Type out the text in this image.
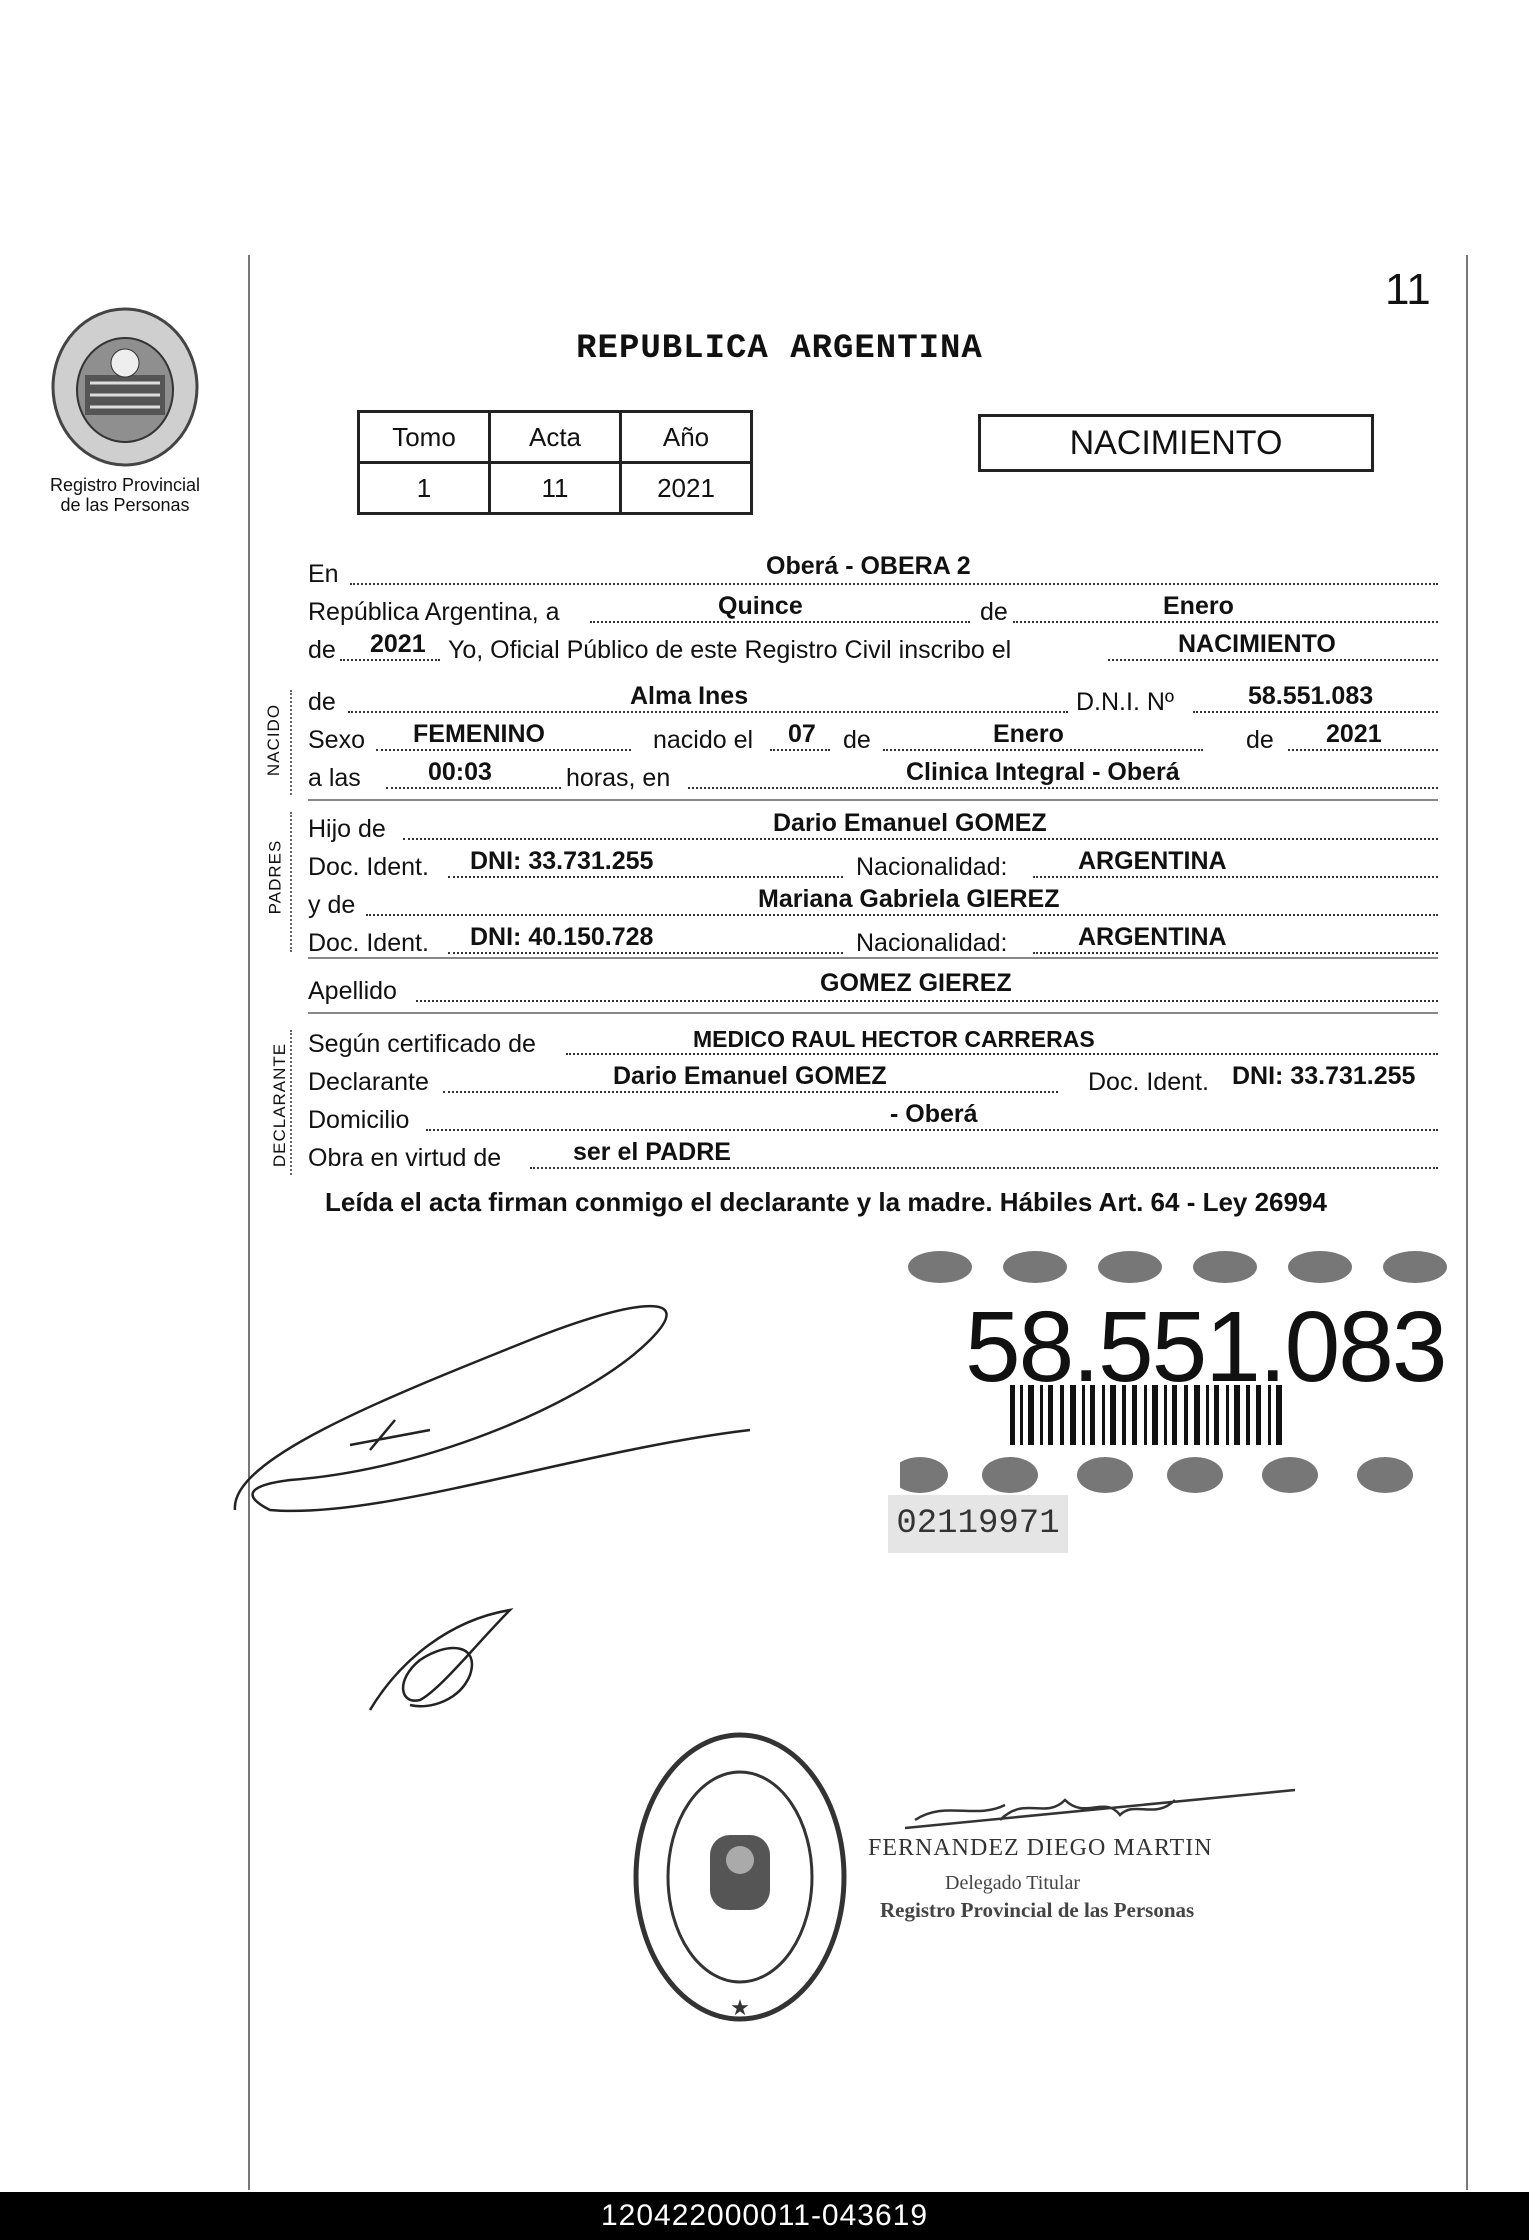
11
Registro Provincial
de las Personas
REPUBLICA ARGENTINA
Tomo	Acta	Año
1	11	2021
NACIMIENTO
En	Oberá - OBERA 2
República Argentina, a	Quince	de	Enero
de 2021 Yo, Oficial Público de este Registro Civil inscribo el	NACIMIENTO
NACIDO
de	Alma Ines	D.N.I. Nº	58.551.083
Sexo FEMENINO	nacido el 07 de	Enero	de 2021
a las	00:03	horas, en	Clinica Integral - Oberá
PADRES
Hijo de	Dario Emanuel GOMEZ
Doc. Ident. DNI: 33.731.255	Nacionalidad:	ARGENTINA
y de	Mariana Gabriela GIEREZ
Doc. Ident. DNI: 40.150.728	Nacionalidad:	ARGENTINA
Apellido	GOMEZ GIEREZ
DECLARANTE Según certificado de	MEDICO RAUL HECTOR CARRERAS
Declarante	Dario Emanuel GOMEZ	Doc. Ident. DNI: 33.731.255
Domicilio	- Oberá
Obra en virtud de	ser el PADRE
Leída el acta firman conmigo el declarante y la madre. Hábiles Art. 64 - Ley 26994
58.551.083
02119971
★
FERNANDEZ DIEGO MARTIN
Delegado Titular
Registro Provincial de las Personas
120422000011-043619
